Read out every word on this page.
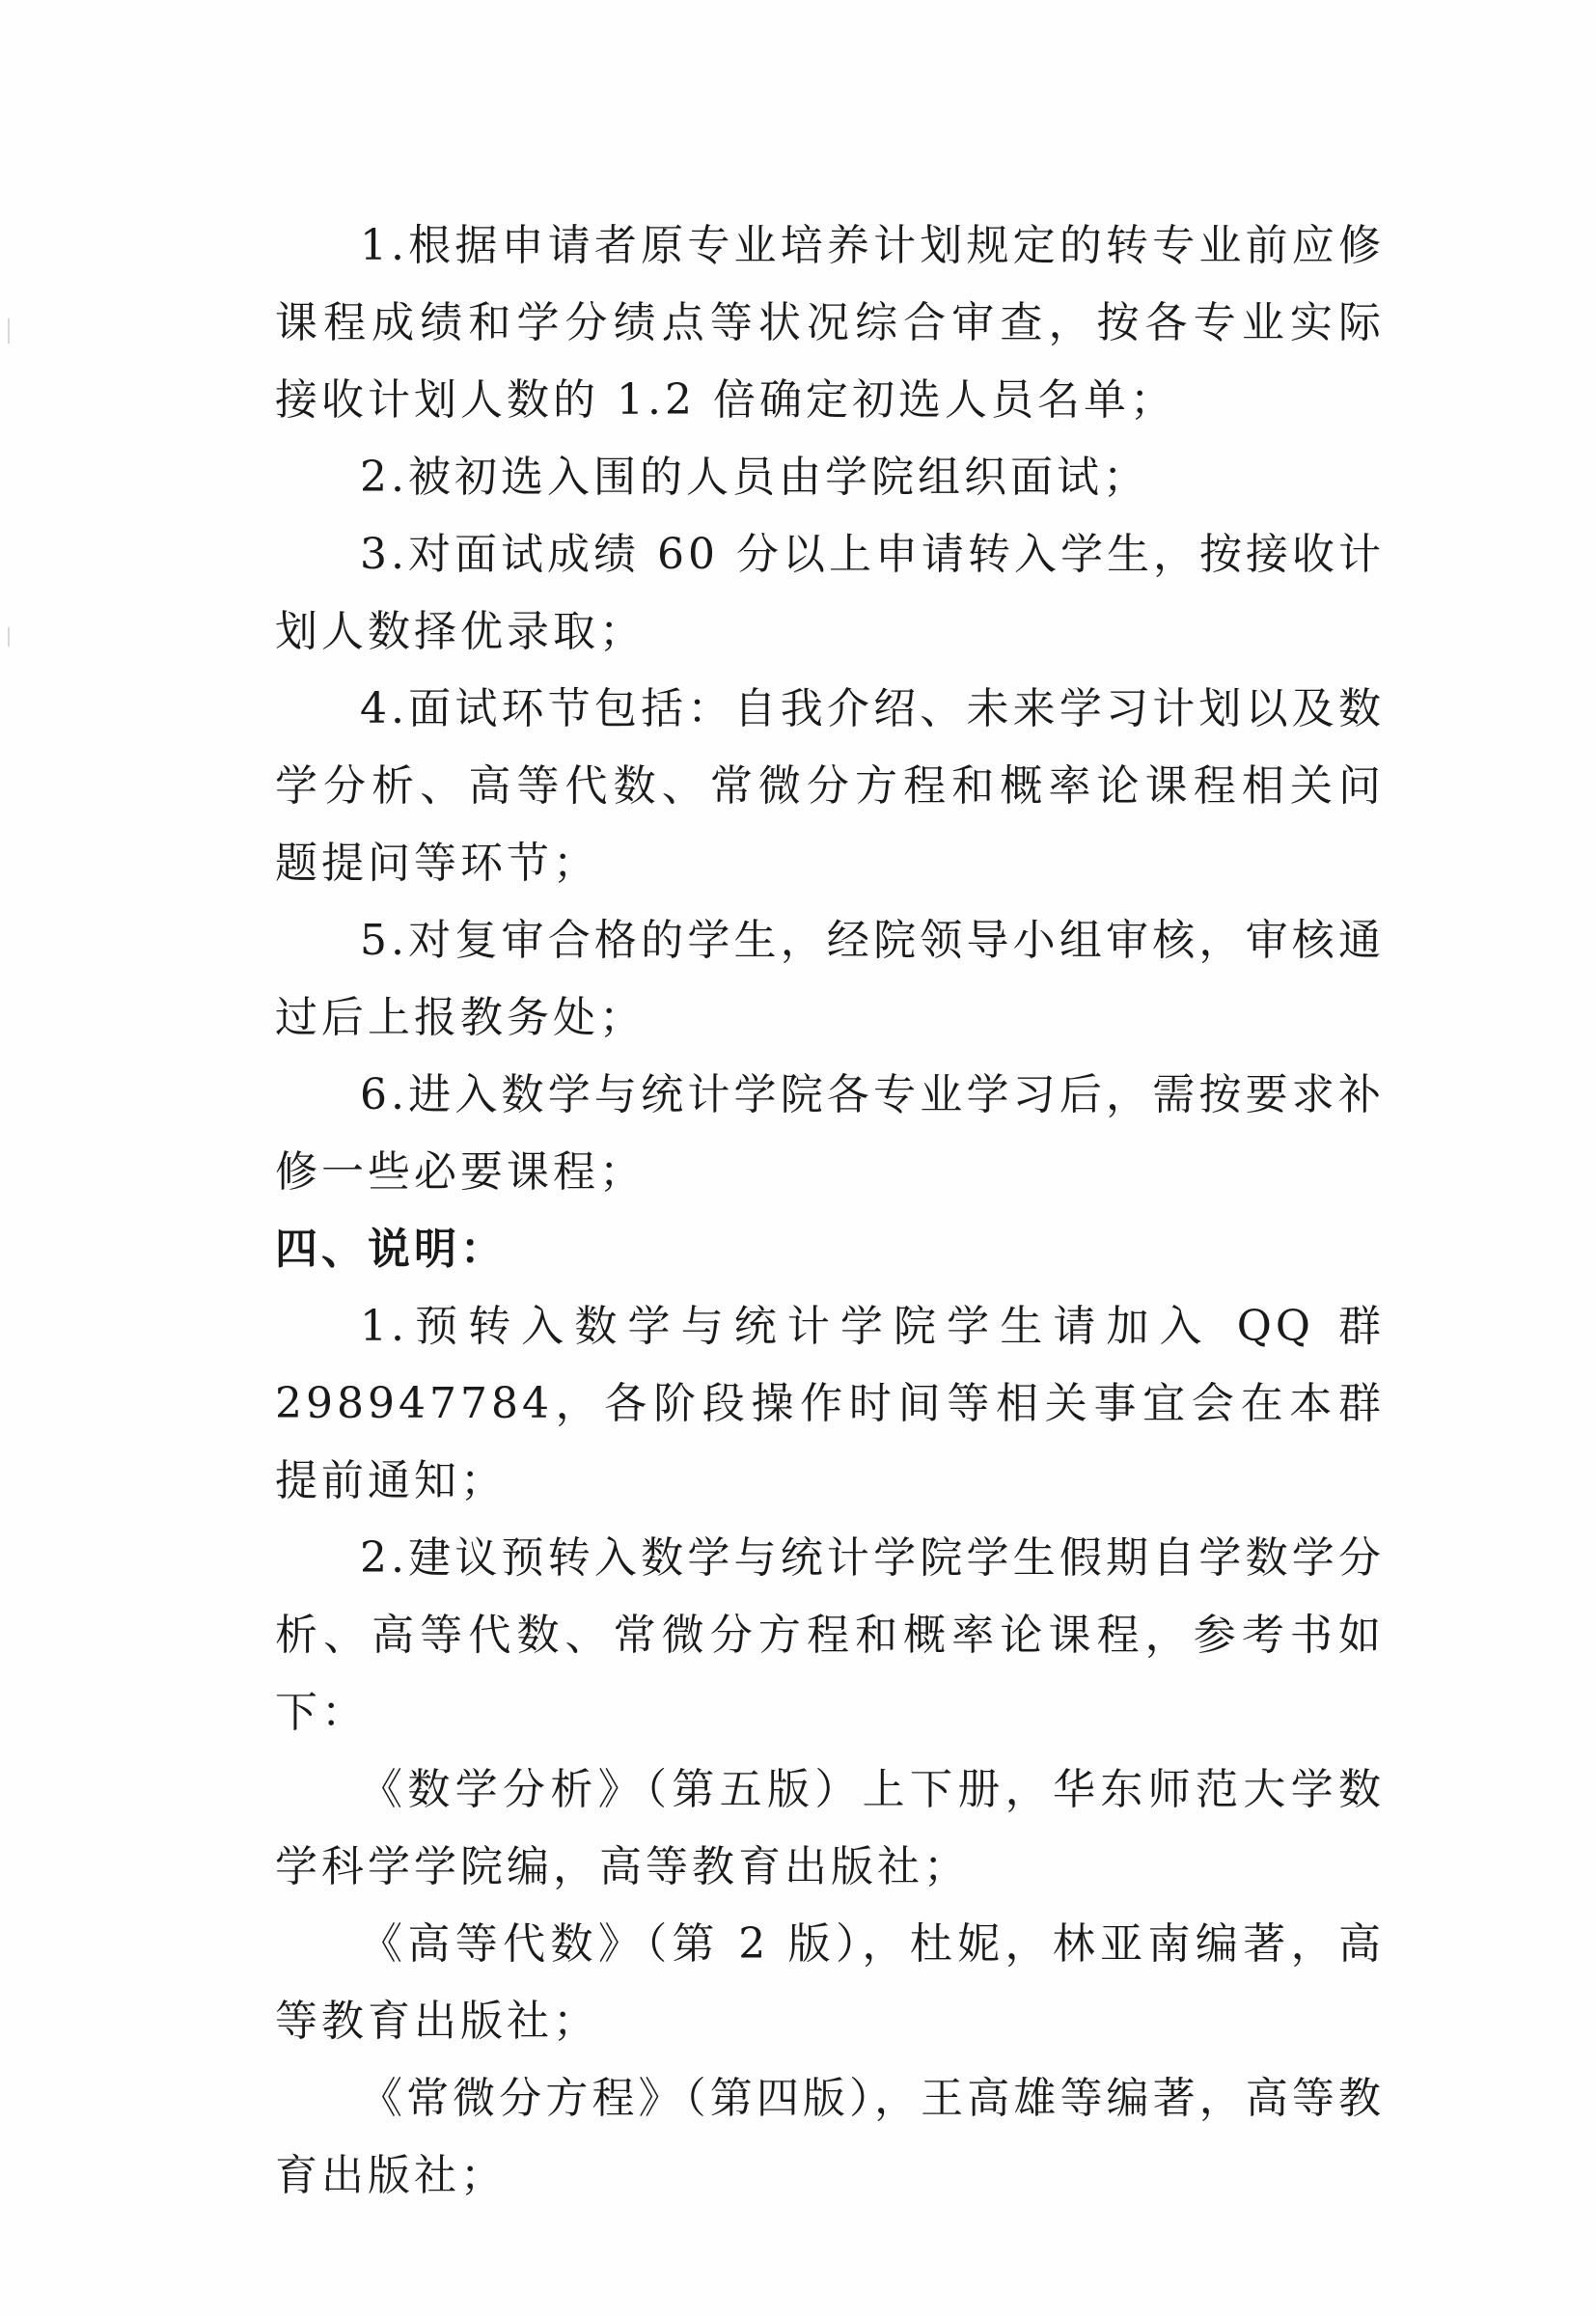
1.根据申请者原专业培养计划规定的转专业前应修课程成绩和学分绩点等状况综合审查，按各专业实际接收计划人数的 1.2 倍确定初选人员名单；

2.被初选入围的人员由学院组织面试；

3.对面试成绩 60 分以上申请转入学生，按接收计划人数择优录取；

4.面试环节包括：自我介绍、未来学习计划以及数学分析、高等代数、常微分方程和概率论课程相关问题提问等环节；

5.对复审合格的学生，经院领导小组审核，审核通过后上报教务处；

6.进入数学与统计学院各专业学习后，需按要求补修一些必要课程；

四、说明：

1.预转入数学与统计学院学生请加入 QQ 群 298947784，各阶段操作时间等相关事宜会在本群提前通知；

2.建议预转入数学与统计学院学生假期自学数学分析、高等代数、常微分方程和概率论课程，参考书如下：

《数学分析》（第五版）上下册，华东师范大学数学科学学院编，高等教育出版社；

《高等代数》（第 2 版），杜妮，林亚南编著，高等教育出版社；

《常微分方程》（第四版），王高雄等编著，高等教育出版社；
